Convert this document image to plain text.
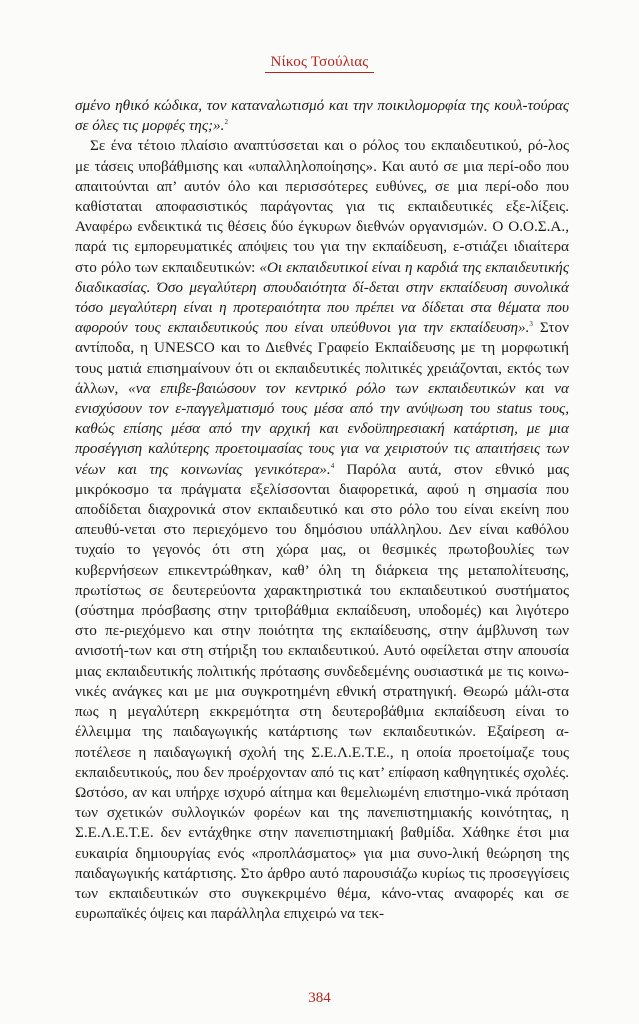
Νίκος Τσούλιας

σμένο ηθικό κώδικα, τον καταναλωτισμό και την ποικιλομορφία της κουλ-τούρας σε όλες τις μορφές της;».$^2$

Σε ένα τέτοιο πλαίσιο αναπτύσσεται και ο ρόλος του εκπαιδευτικού, ρό-λος με τάσεις υποβάθμισης και «υπαλληλοποίησης». Και αυτό σε μια περί-οδο που απαιτούνται απ’ αυτόν όλο και περισσότερες ευθύνες, σε μια περί-οδο που καθίσταται αποφασιστικός παράγοντας για τις εκπαιδευτικές εξε-λίξεις. Αναφέρω ενδεικτικά τις θέσεις δύο έγκυρων διεθνών οργανισμών. Ο Ο.Ο.Σ.Α., παρά τις εμπορευματικές απόψεις του για την εκπαίδευση, ε-στιάζει ιδιαίτερα στο ρόλο των εκπαιδευτικών: «Οι εκπαιδευτικοί είναι η καρδιά της εκπαιδευτικής διαδικασίας. Όσο μεγαλύτερη σπουδαιότητα δί-δεται στην εκπαίδευση συνολικά τόσο μεγαλύτερη είναι η προτεραιότητα που πρέπει να δίδεται στα θέματα που αφορούν τους εκπαιδευτικούς που είναι υπεύθυνοι για την εκπαίδευση».$^3$ Στον αντίποδα, η UNESCO και το Διεθνές Γραφείο Εκπαίδευσης με τη μορφωτική τους ματιά επισημαίνουν ότι οι εκπαιδευτικές πολιτικές χρειάζονται, εκτός των άλλων, «να επιβε-βαιώσουν τον κεντρικό ρόλο των εκπαιδευτικών και να ενισχύσουν τον ε-παγγελματισμό τους μέσα από την ανύψωση του status τους, καθώς επίσης μέσα από την αρχική και ενδοϋπηρεσιακή κατάρτιση, με μια προσέγγιση καλύτερης προετοιμασίας τους για να χειριστούν τις απαιτήσεις των νέων και της κοινωνίας γενικότερα».$^4$ Παρόλα αυτά, στον εθνικό μας μικρόκοσμο τα πράγματα εξελίσσονται διαφορετικά, αφού η σημασία που αποδίδεται διαχρονικά στον εκπαιδευτικό και στο ρόλο του είναι εκείνη που απευθύ-νεται στο περιεχόμενο του δημόσιου υπάλληλου. Δεν είναι καθόλου τυχαίο το γεγονός ότι στη χώρα μας, οι θεσμικές πρωτοβουλίες των κυβερνήσεων επικεντρώθηκαν, καθ’ όλη τη διάρκεια της μεταπολίτευσης, πρωτίστως σε δευτερεύοντα χαρακτηριστικά του εκπαιδευτικού συστήματος (σύστημα πρόσβασης στην τριτοβάθμια εκπαίδευση, υποδομές) και λιγότερο στο πε-ριεχόμενο και στην ποιότητα της εκπαίδευσης, στην άμβλυνση των ανισοτή-των και στη στήριξη του εκπαιδευτικού. Αυτό οφείλεται στην απουσία μιας εκπαιδευτικής πολιτικής πρότασης συνδεδεμένης ουσιαστικά με τις κοινω-νικές ανάγκες και με μια συγκροτημένη εθνική στρατηγική. Θεωρώ μάλι-στα πως η μεγαλύτερη εκκρεμότητα στη δευτεροβάθμια εκπαίδευση είναι το έλλειμμα της παιδαγωγικής κατάρτισης των εκπαιδευτικών. Εξαίρεση α-ποτέλεσε η παιδαγωγική σχολή της Σ.Ε.Λ.Ε.Τ.Ε., η οποία προετοίμαζε τους εκπαιδευτικούς, που δεν προέρχονταν από τις κατ’ επίφαση καθηγητικές σχολές. Ωστόσο, αν και υπήρχε ισχυρό αίτημα και θεμελιωμένη επιστημο-νικά πρόταση των σχετικών συλλογικών φορέων και της πανεπιστημιακής κοινότητας, η Σ.Ε.Λ.Ε.Τ.Ε. δεν εντάχθηκε στην πανεπιστημιακή βαθμίδα. Χάθηκε έτσι μια ευκαιρία δημιουργίας ενός «προπλάσματος» για μια συνο-λική θεώρηση της παιδαγωγικής κατάρτισης. Στο άρθρο αυτό παρουσιάζω κυρίως τις προσεγγίσεις των εκπαιδευτικών στο συγκεκριμένο θέμα, κάνο-ντας αναφορές και σε ευρωπαϊκές όψεις και παράλληλα επιχειρώ να τεκ-

384
